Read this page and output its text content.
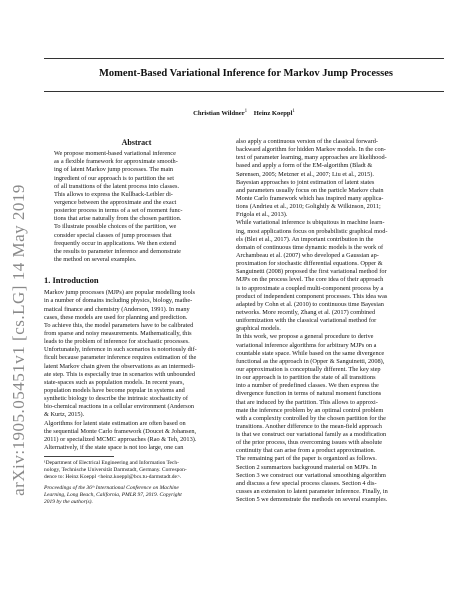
arXiv:1905.05451v1 [cs.LG] 14 May 2019
Moment-Based Variational Inference for Markov Jump Processes
Christian Wildner$^1$ Heinz Koeppl$^1$
Abstract
We propose moment-based variational inference
as a flexible framework for approximate smooth-
ing of latent Markov jump processes. The main
ingredient of our approach is to partition the set
of all transitions of the latent process into classes.
This allows to express the Kullback-Leibler di-
vergence between the approximate and the exact
posterior process in terms of a set of moment func-
tions that arise naturally from the chosen partition.
To illustrate possible choices of the partition, we
consider special classes of jump processes that
frequently occur in applications. We then extend
the results to parameter inference and demonstrate
the method on several examples.
1. Introduction
Markov jump processes (MJPs) are popular modelling tools
in a number of domains including physics, biology, mathe-
matical finance and chemistry (Anderson, 1991). In many
cases, these models are used for planning and prediction.
To achieve this, the model parameters have to be calibrated
from sparse and noisy measurements. Mathematically, this
leads to the problem of inference for stochastic processes.
Unfortunately, inference in such scenarios is notoriously dif-
ficult because parameter inference requires estimation of the
latent Markov chain given the observations as an intermedi-
ate step. This is especially true in scenarios with unbounded
state-spaces such as population models. In recent years,
population models have become popular in systems and
synthetic biology to describe the intrinsic stochasticity of
bio-chemical reactions in a cellular environment (Anderson
& Kurtz, 2015).
Algorithms for latent state estimation are often based on
the sequential Monte Carlo framework (Doucet & Johansen,
2011) or specialized MCMC approaches (Rao & Teh, 2013).
Alternatively, if the state space is not too large, one can
¹Department of Electrical Engineering and Information Tech-
nology, Technische Universität Darmstadt, Germany. Correspon-
dence to: Heinz Koeppl <heinz.koeppl@bcs.tu-darmstadt.de>.
Proceedings of the 36ᵗʰ International Conference on Machine
Learning, Long Beach, California, PMLR 97, 2019. Copyright
2019 by the author(s).
also apply a continuous version of the classical forward-
backward algorithm for hidden Markov models. In the con-
text of parameter learning, many approaches are likelihood-
based and apply a form of the EM-algorithm (Bladt &
Sørensen, 2005; Metzner et al., 2007; Liu et al., 2015).
Bayesian approaches to joint estimation of latent states
and parameters usually focus on the particle Markov chain
Monte Carlo framework which has inspired many applica-
tions (Andrieu et al., 2010; Golightly & Wilkinson, 2011;
Frigola et al., 2013).
While variational inference is ubiquitous in machine learn-
ing, most applications focus on probabilistic graphical mod-
els (Blei et al., 2017). An important contribution in the
domain of continuous time dynamic models is the work of
Archambeau et al. (2007) who developed a Gaussian ap-
proximation for stochastic differential equations. Opper &
Sanguinetti (2008) proposed the first variational method for
MJPs on the process level. The core idea of their approach
is to approximate a coupled multi-component process by a
product of independent component processes. This idea was
adapted by Cohn et al. (2010) to continuous time Bayesian
networks. More recently, Zhang et al. (2017) combined
uniformization with the classical variational method for
graphical models.
In this work, we propose a general procedure to derive
variational inference algorithms for arbitrary MJPs on a
countable state space. While based on the same divergence
functional as the approach in (Opper & Sanguinetti, 2008),
our approximation is conceptually different. The key step
in our approach is to partition the state of all transitions
into a number of predefined classes. We then express the
divergence function in terms of natural moment functions
that are induced by the partition. This allows to approxi-
mate the inference problem by an optimal control problem
with a complexity controlled by the chosen partition for the
transitions. Another difference to the mean-field approach
is that we construct our variational family as a modification
of the prior process, thus overcoming issues with absolute
continuity that can arise from a product approximation.
The remaining part of the paper is organized as follows.
Section 2 summarizes background material on MJPs. In
Section 3 we construct our variational smoothing algorithm
and discuss a few special process classes. Section 4 dis-
cusses an extension to latent parameter inference. Finally, in
Section 5 we demonstrate the methods on several examples.
